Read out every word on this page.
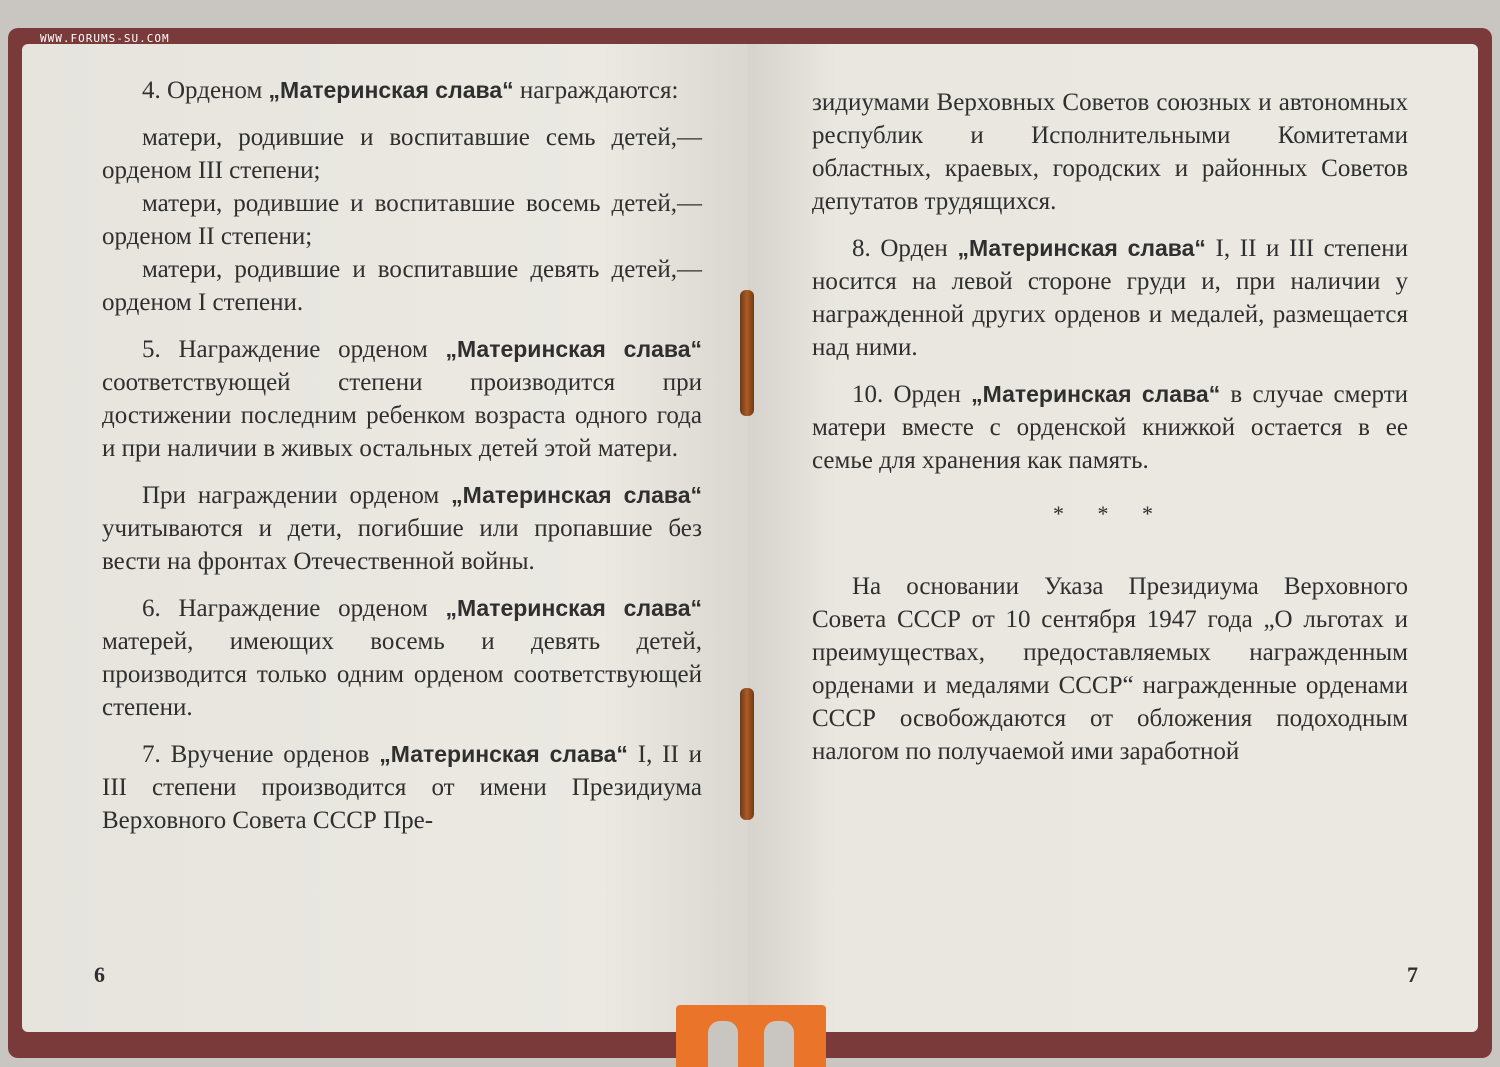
WWW.FORUMS-SU.COM

4. Орденом „Материнская слава“ награждаются:

матери, родившие и воспитавшие семь детей,— орденом III степени;

матери, родившие и воспитавшие восемь детей,— орденом II степени;

матери, родившие и воспитавшие девять детей,— орденом I степени.

5. Награждение орденом „Материнская слава“ соответствующей степени производится при достижении последним ребенком возраста одного года и при наличии в живых остальных детей этой матери.

При награждении орденом „Материнская слава“ учитываются и дети, погибшие или пропавшие без вести на фронтах Отечественной войны.

6. Награждение орденом „Материнская слава“ матерей, имеющих восемь и девять детей, производится только одним орденом соответствующей степени.

7. Вручение орденов „Материнская слава“ I, II и III степени производится от имени Президиума Верховного Совета СССР Пре-

6

зидиумами Верховных Советов союзных и автономных республик и Исполнительными Комитетами областных, краевых, городских и районных Советов депутатов трудящихся.

8. Орден „Материнская слава“ I, II и III степени носится на левой стороне груди и, при наличии у награжденной других орденов и медалей, размещается над ними.

10. Орден „Материнская слава“ в случае смерти матери вместе с орденской книжкой остается в ее семье для хранения как память.

* * *

На основании Указа Президиума Верховного Совета СССР от 10 сентября 1947 года „О льготах и преимуществах, предоставляемых награжденным орденами и медалями СССР“ награжденные орденами СССР освобождаются от обложения подоходным налогом по получаемой ими заработной

7
